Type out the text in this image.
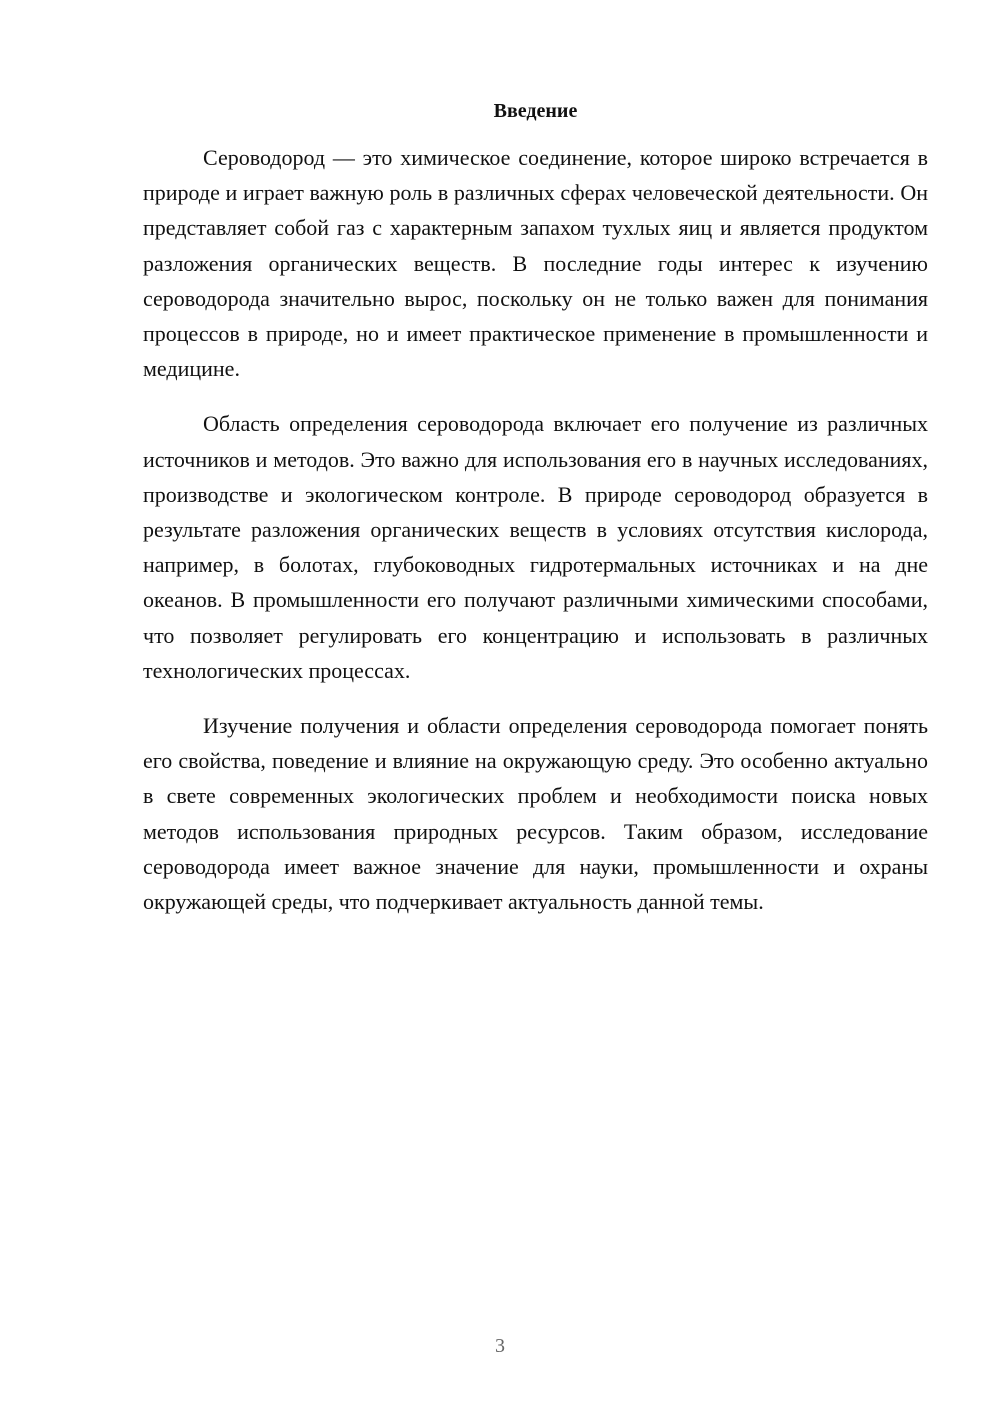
Введение

Сероводород — это химическое соединение, которое широко встречается в природе и играет важную роль в различных сферах человеческой деятельности. Он представляет собой газ с характерным запахом тухлых яиц и является продуктом разложения органических веществ. В последние годы интерес к изучению сероводорода значительно вырос, поскольку он не только важен для понимания процессов в природе, но и имеет практическое применение в промышленности и медицине.

Область определения сероводорода включает его получение из различных источников и методов. Это важно для использования его в научных исследованиях, производстве и экологическом контроле. В природе сероводород образуется в результате разложения органических веществ в условиях отсутствия кислорода, например, в болотах, глубоководных гидротермальных источниках и на дне океанов. В промышленности его получают различными химическими способами, что позволяет регулировать его концентрацию и использовать в различных технологических процессах.

Изучение получения и области определения сероводорода помогает понять его свойства, поведение и влияние на окружающую среду. Это особенно актуально в свете современных экологических проблем и необходимости поиска новых методов использования природных ресурсов. Таким образом, исследование сероводорода имеет важное значение для науки, промышленности и охраны окружающей среды, что подчеркивает актуальность данной темы.

3
